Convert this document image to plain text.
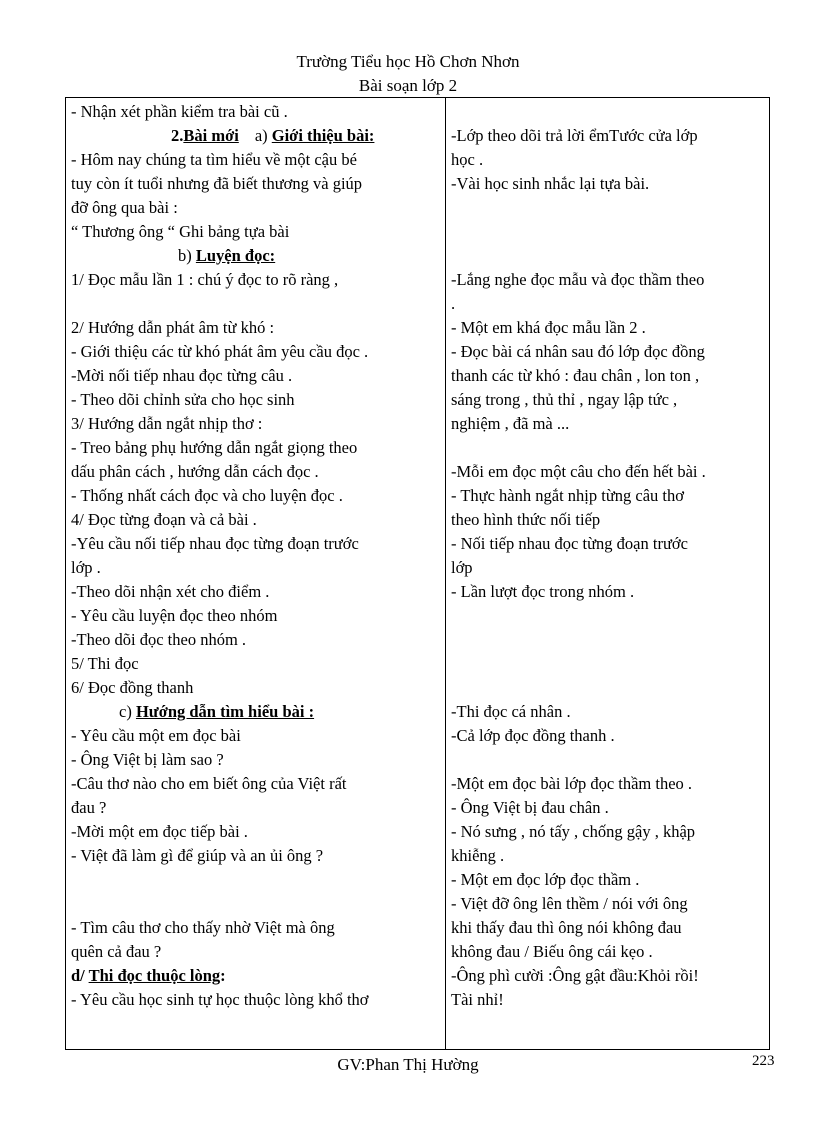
Trường Tiểu học Hồ Chơn Nhơn
Bài soạn lớp 2
- Nhận xét phần kiểm tra bài cũ .
2.Bài mới a) Giới thiệu bài:
- Hôm nay chúng ta tìm hiểu về một cậu bé
tuy còn ít tuổi nhưng đã biết thương và giúp
đỡ ông qua bài :
“ Thương ông “ Ghi bảng tựa bài
b) Luyện đọc:
1/ Đọc mẫu lần 1 : chú ý đọc to rõ ràng ,
2/ Hướng dẫn phát âm từ khó :
- Giới thiệu các từ khó phát âm yêu cầu đọc .
-Mời nối tiếp nhau đọc từng câu .
- Theo dõi chỉnh sửa cho học sinh
3/ Hướng dẫn ngắt nhịp thơ :
- Treo bảng phụ hướng dẫn ngắt giọng theo
dấu phân cách , hướng dẫn cách đọc .
- Thống nhất cách đọc và cho luyện đọc .
4/ Đọc từng đoạn và cả bài .
-Yêu cầu nối tiếp nhau đọc từng đoạn trước
lớp .
-Theo dõi nhận xét cho điểm .
- Yêu cầu luyện đọc theo nhóm
-Theo dõi đọc theo nhóm .
5/ Thi đọc
6/ Đọc đồng thanh
c) Hướng dẫn tìm hiểu bài :
- Yêu cầu một em đọc bài
- Ông Việt bị làm sao ?
-Câu thơ nào cho em biết ông của Việt rất
đau ?
-Mời một em đọc tiếp bài .
- Việt đã làm gì để giúp và an ủi ông ?
- Tìm câu thơ cho thấy nhờ Việt mà ông
quên cả đau ?
d/ Thi đọc thuộc lòng:
- Yêu cầu học sinh tự học thuộc lòng khổ thơ
-Lớp theo dõi trả lời ểmTước cửa lớp
học .
-Vài học sinh nhắc lại tựa bài.
-Lắng nghe đọc mẫu và đọc thầm theo
.
- Một em khá đọc mẫu lần 2 .
- Đọc bài cá nhân sau đó lớp đọc đồng
thanh các từ khó : đau chân , lon ton ,
sáng trong , thủ thỉ , ngay lập tức ,
nghiệm , đã mà ...
-Mỗi em đọc một câu cho đến hết bài .
- Thực hành ngắt nhịp từng câu thơ
theo hình thức nối tiếp
- Nối tiếp nhau đọc từng đoạn trước
lớp
- Lần lượt đọc trong nhóm .
-Thi đọc cá nhân .
-Cả lớp đọc đồng thanh .
-Một em đọc bài lớp đọc thầm theo .
- Ông Việt bị đau chân .
- Nó sưng , nó tấy , chống gậy , khập
khiễng .
- Một em đọc lớp đọc thầm .
- Việt đỡ ông lên thềm / nói với ông
khi thấy đau thì ông nói không đau
không đau / Biếu ông cái kẹo .
-Ông phì cười :Ông gật đầu:Khỏi rồi!
Tài nhỉ!
GV:Phan Thị Hường	223
